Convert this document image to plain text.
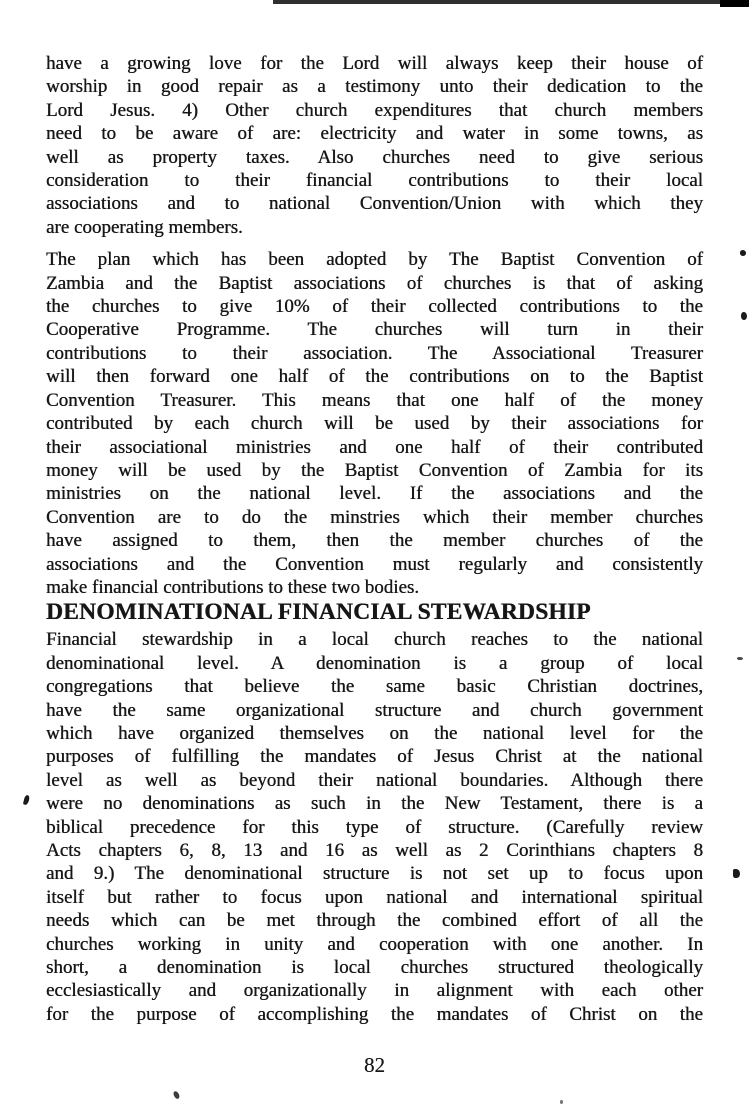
have a growing love for the Lord will always keep their house of
worship in good repair as a testimony unto their dedication to the
Lord Jesus. 4) Other church expenditures that church members
need to be aware of are: electricity and water in some towns, as
well as property taxes. Also churches need to give serious
consideration to their financial contributions to their local
associations and to national Convention/Union with which they
are cooperating members.
The plan which has been adopted by The Baptist Convention of
Zambia and the Baptist associations of churches is that of asking
the churches to give 10% of their collected contributions to the
Cooperative Programme. The churches will turn in their
contributions to their association. The Associational Treasurer
will then forward one half of the contributions on to the Baptist
Convention Treasurer. This means that one half of the money
contributed by each church will be used by their associations for
their associational ministries and one half of their contributed
money will be used by the Baptist Convention of Zambia for its
ministries on the national level. If the associations and the
Convention are to do the minstries which their member churches
have assigned to them, then the member churches of the
associations and the Convention must regularly and consistently
make financial contributions to these two bodies.
DENOMINATIONAL FINANCIAL STEWARDSHIP
Financial stewardship in a local church reaches to the national
denominational level. A denomination is a group of local
congregations that believe the same basic Christian doctrines,
have the same organizational structure and church government
which have organized themselves on the national level for the
purposes of fulfilling the mandates of Jesus Christ at the national
level as well as beyond their national boundaries. Although there
were no denominations as such in the New Testament, there is a
biblical precedence for this type of structure. (Carefully review
Acts chapters 6, 8, 13 and 16 as well as 2 Corinthians chapters 8
and 9.) The denominational structure is not set up to focus upon
itself but rather to focus upon national and international spiritual
needs which can be met through the combined effort of all the
churches working in unity and cooperation with one another. In
short, a denomination is local churches structured theologically
ecclesiastically and organizationally in alignment with each other
for the purpose of accomplishing the mandates of Christ on the
82
